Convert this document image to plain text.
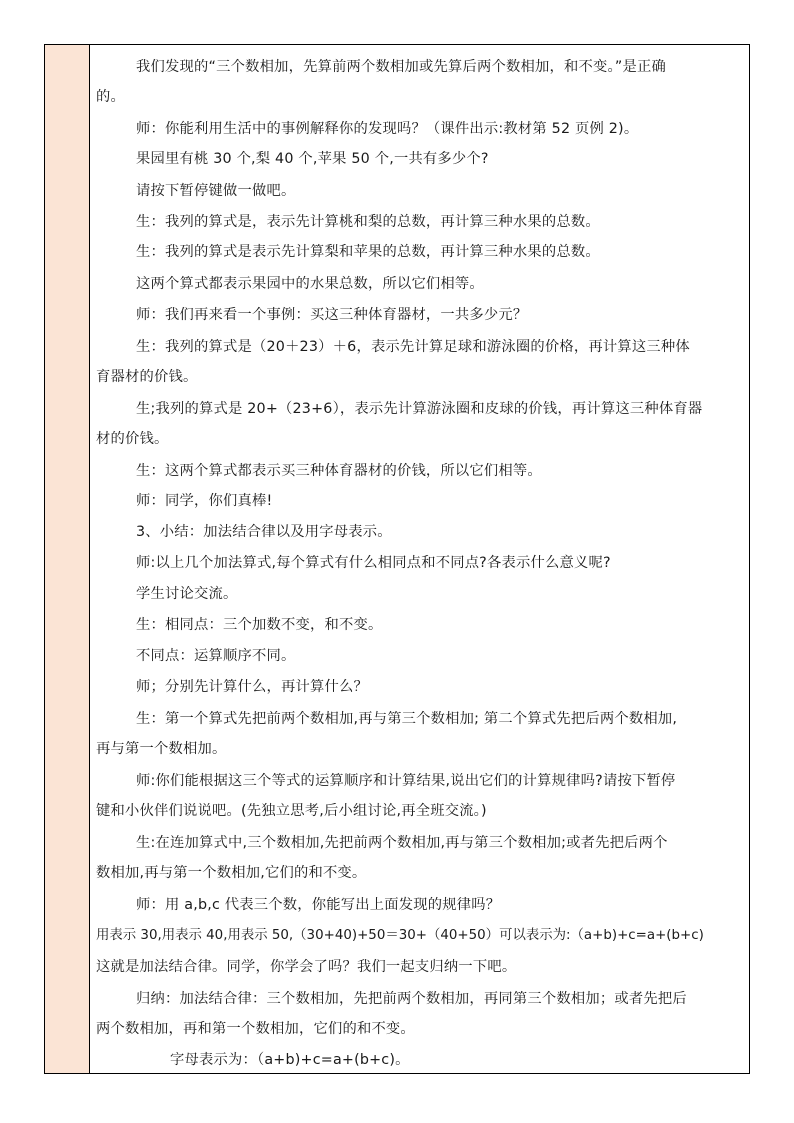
我们发现的“三个数相加，先算前两个数相加或先算后两个数相加，和不变。”是正确
的。
师：你能利用生活中的事例解释你的发现吗？（课件出示:教材第 52 页例 2)。
果园里有桃 30 个,梨 40 个,苹果 50 个,一共有多少个?
请按下暂停键做一做吧。
生：我列的算式是，表示先计算桃和梨的总数，再计算三种水果的总数。
生：我列的算式是表示先计算梨和苹果的总数，再计算三种水果的总数。
这两个算式都表示果园中的水果总数，所以它们相等。
师：我们再来看一个事例：买这三种体育器材，一共多少元？
生：我列的算式是（20＋23）＋6，表示先计算足球和游泳圈的价格，再计算这三种体
育器材的价钱。
生;我列的算式是 20+（23+6），表示先计算游泳圈和皮球的价钱，再计算这三种体育器
材的价钱。
生：这两个算式都表示买三种体育器材的价钱，所以它们相等。
师：同学，你们真棒!
3、小结：加法结合律以及用字母表示。
师:以上几个加法算式,每个算式有什么相同点和不同点?各表示什么意义呢?
学生讨论交流。
生：相同点：三个加数不变，和不变。
不同点：运算顺序不同。
师；分别先计算什么，再计算什么？
生：第一个算式先把前两个数相加,再与第三个数相加; 第二个算式先把后两个数相加,
再与第一个数相加。
师:你们能根据这三个等式的运算顺序和计算结果,说出它们的计算规律吗?请按下暂停
键和小伙伴们说说吧。(先独立思考,后小组讨论,再全班交流。)
生:在连加算式中,三个数相加,先把前两个数相加,再与第三个数相加;或者先把后两个
数相加,再与第一个数相加,它们的和不变。
师：用 a,b,c 代表三个数，你能写出上面发现的规律吗？
用表示 30,用表示 40,用表示 50,（30+40)+50＝30+（40+50）可以表示为:（a+b)+c=a+(b+c)
这就是加法结合律。同学，你学会了吗？我们一起支归纳一下吧。
归纳：加法结合律：三个数相加，先把前两个数相加，再同第三个数相加；或者先把后
两个数相加，再和第一个数相加，它们的和不变。
字母表示为：（a+b)+c=a+(b+c)。
